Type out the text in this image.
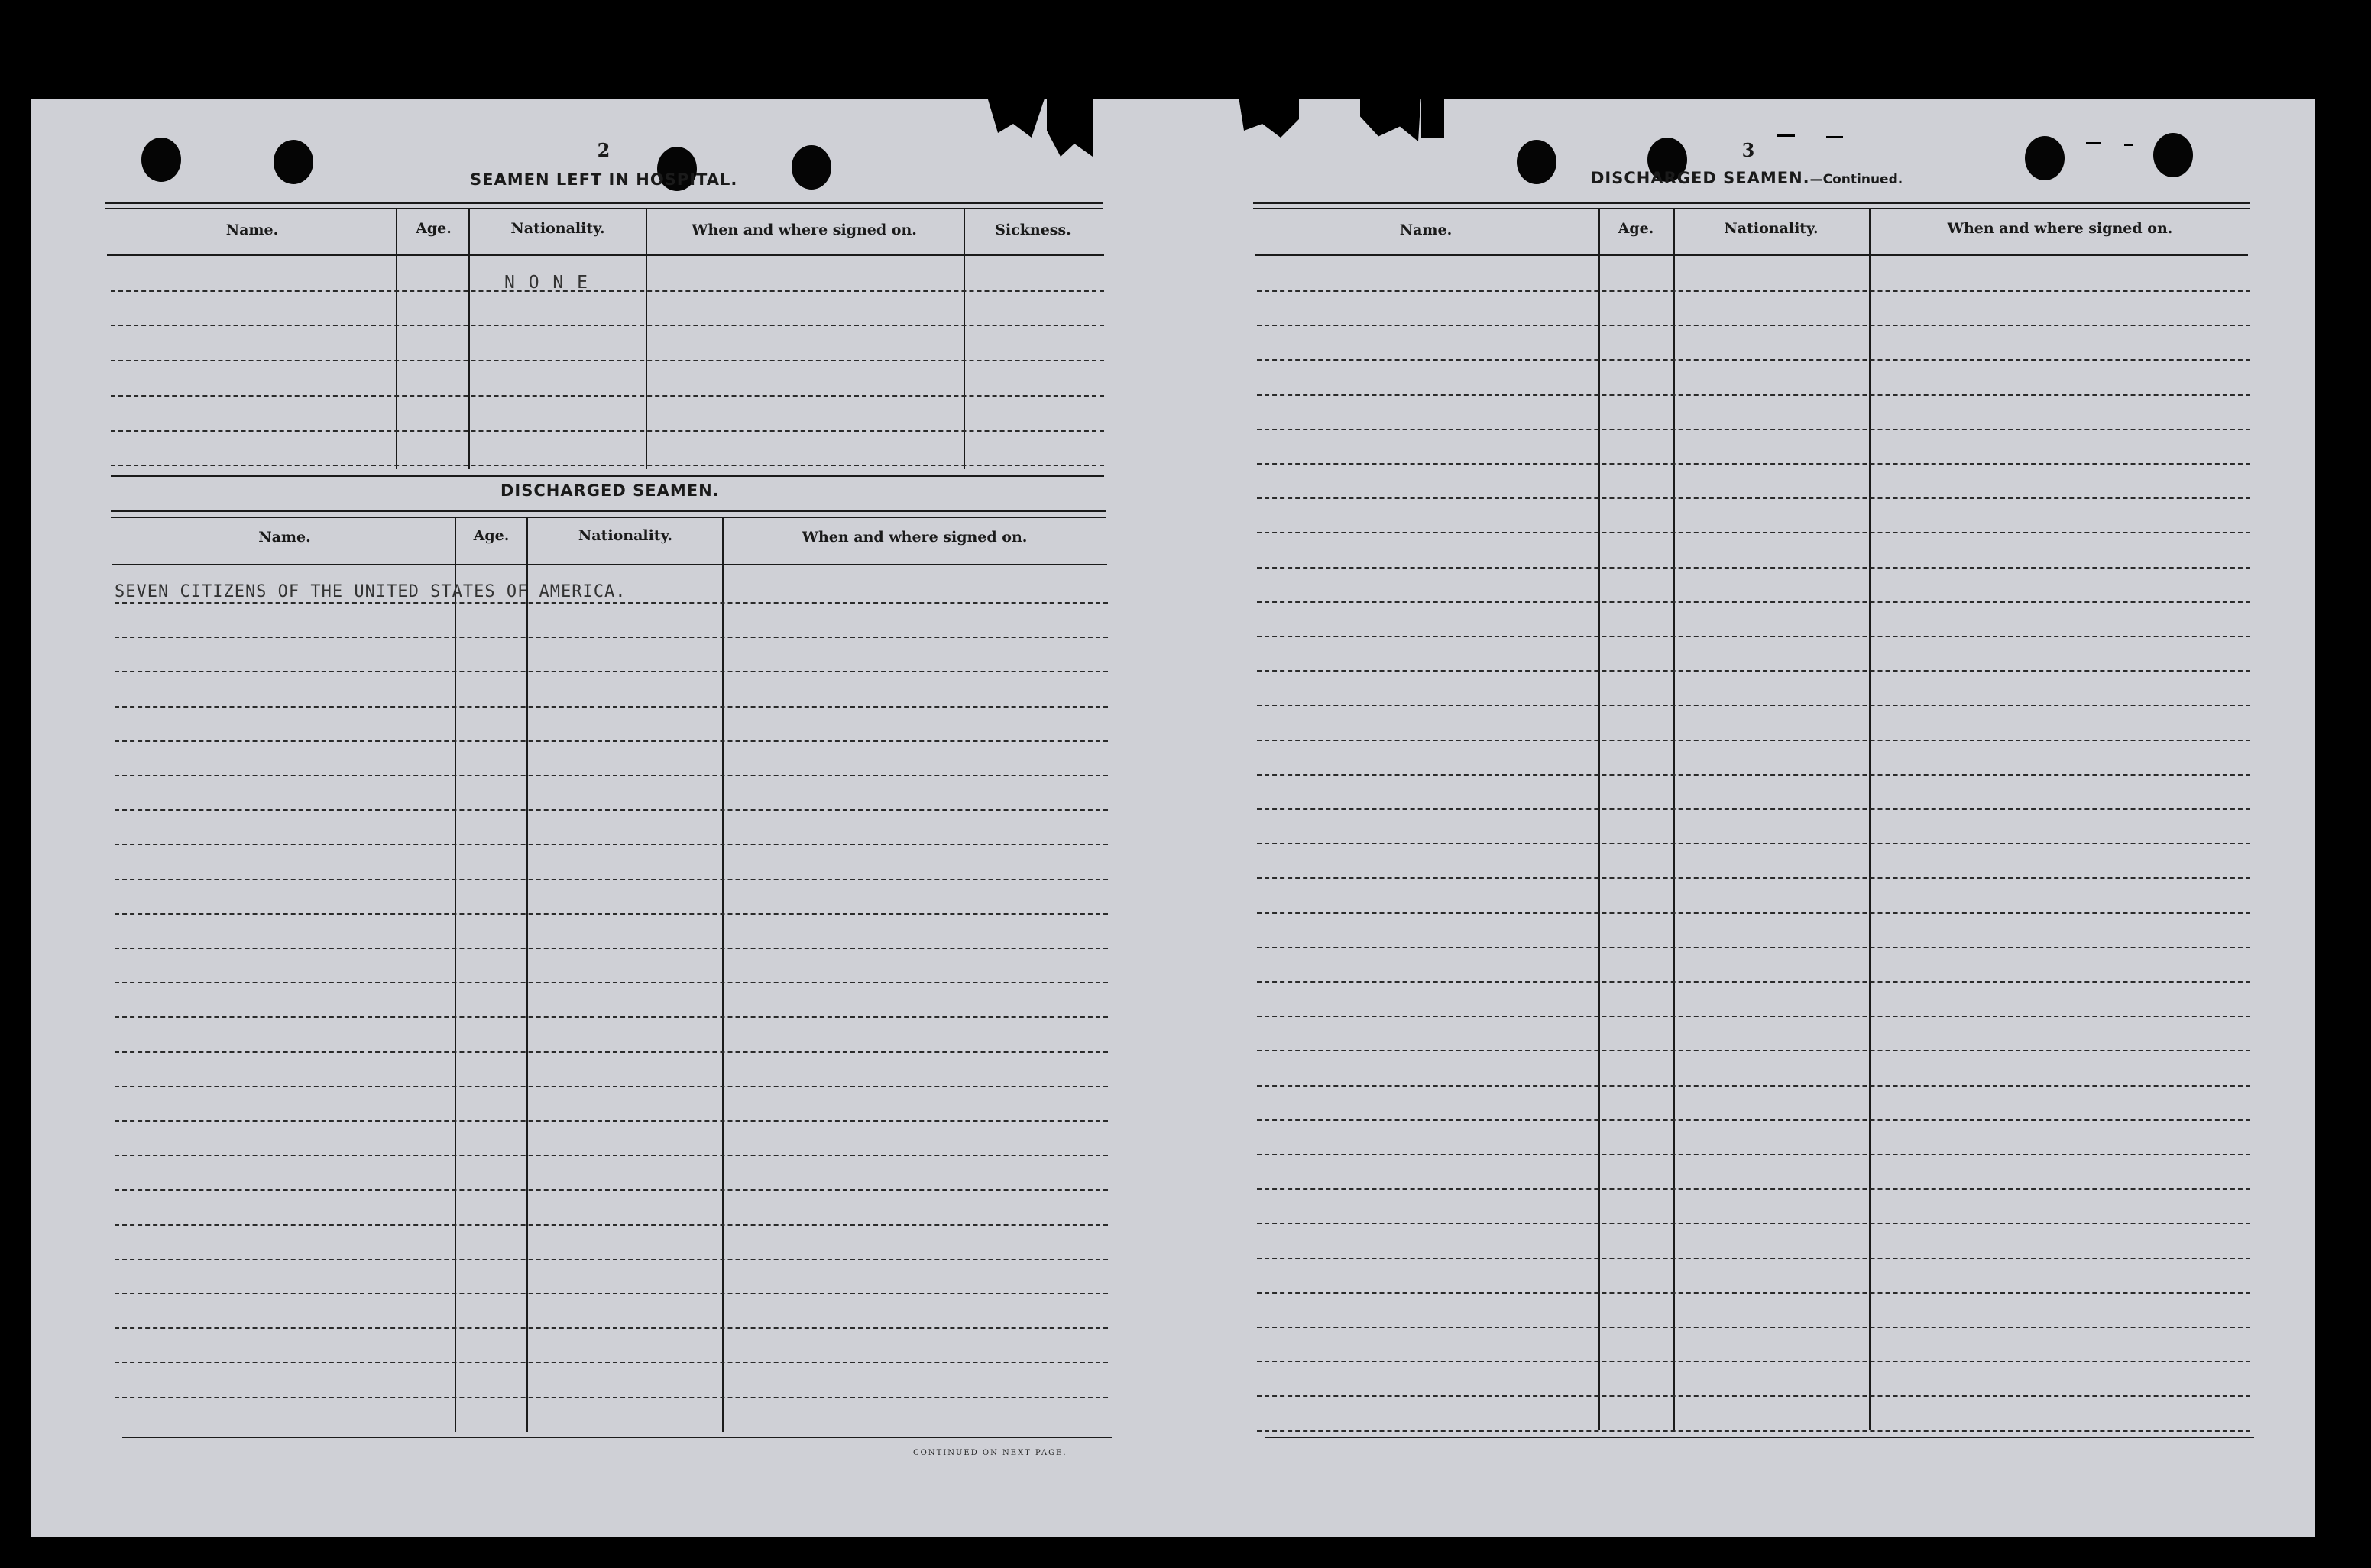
2
SEAMEN LEFT IN HOSPITAL.
Name.	Age.	Nationality.	When and where signed on.	Sickness.
N O N E
DISCHARGED SEAMEN.
Name.	Age.	Nationality.	When and where signed on.
SEVEN CITIZENS OF THE UNITED STATES OF AMERICA.
CONTINUED ON NEXT PAGE.
3
DISCHARGED SEAMEN.—Continued.
Name.	Age.	Nationality.	When and where signed on.
